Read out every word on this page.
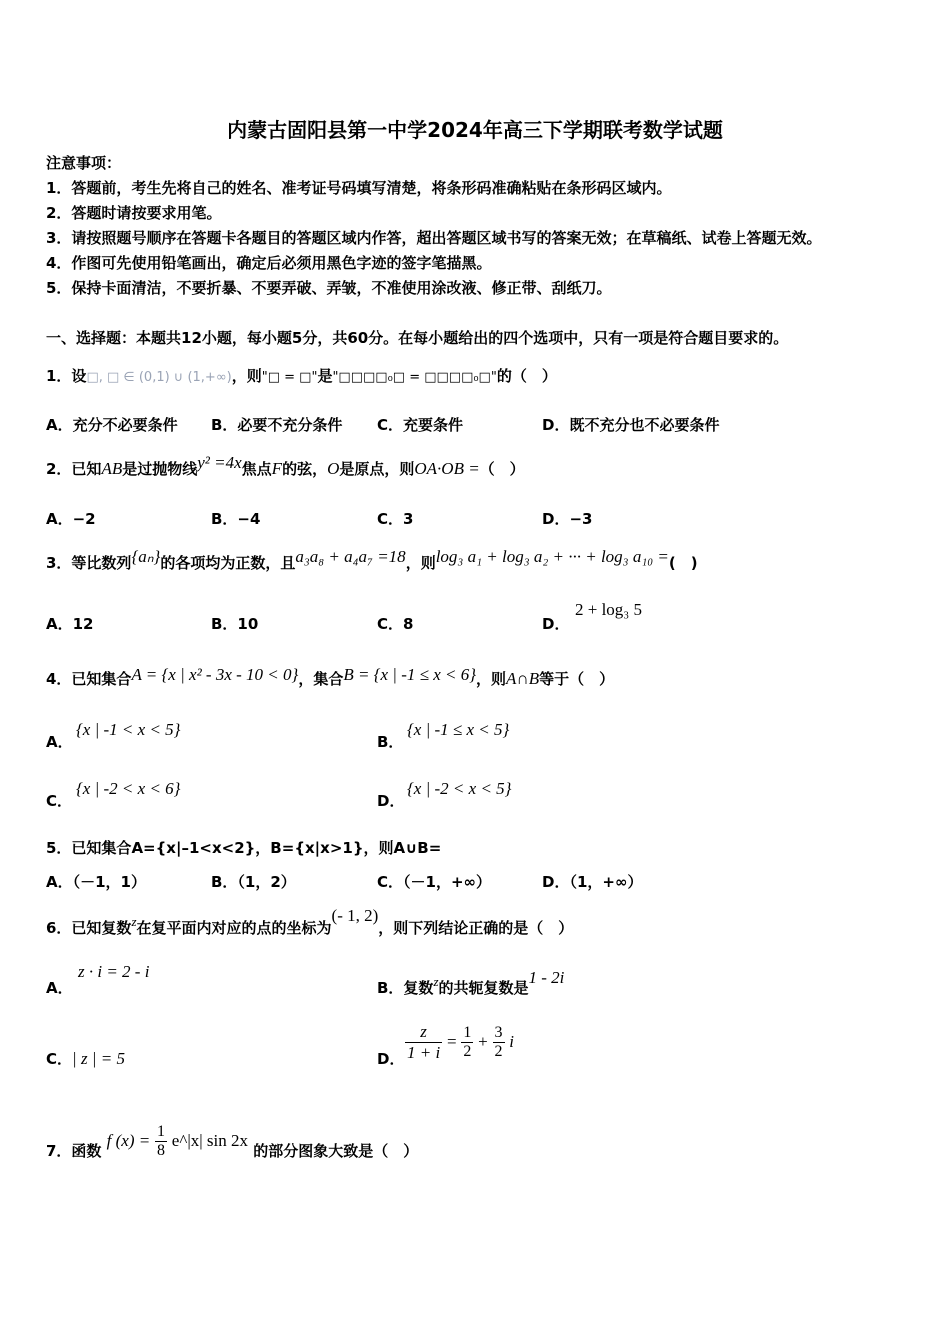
内蒙古固阳县第一中学2024年高三下学期联考数学试题
注意事项：
1．答题前，考生先将自己的姓名、准考证号码填写清楚，将条形码准确粘贴在条形码区域内。
2．答题时请按要求用笔。
3．请按照题号顺序在答题卡各题目的答题区域内作答，超出答题区域书写的答案无效；在草稿纸、试卷上答题无效。
4．作图可先使用铅笔画出，确定后必须用黑色字迹的签字笔描黑。
5．保持卡面清洁，不要折暴、不要弄破、弄皱，不准使用涂改液、修正带、刮纸刀。
一、选择题：本题共12小题，每小题5分，共60分。在每小题给出的四个选项中，只有一项是符合题目要求的。
1．设□, □ ∈ (0,1) ∪ (1,+∞)，则"□ = □"是"□□□□₀□ = □□□□₀□"的（　）
A．充分不必要条件 B．必要不充分条件 C．充要条件	D．既不充分也不必要条件
2．已知AB是过抛物线y² =4x焦点F的弦，O是原点，则OA·OB =（　）
A．−2	B．−4	C．3	D．−3
3．等比数列{aₙ}的各项均为正数，且a₃a₈ + a₄a₇ =18，则log₃ a₁ + log₃ a₂ + ··· + log₃ a₁₀ =(　)
A．12	B．10	C．8	D．
2 + log₃ 5
4．已知集合A = {x | x² - 3x - 10 < 0}，集合B = {x | -1 ≤ x < 6}，则A∩B等于（　）
A．
{x | -1 < x < 5}
B．
{x | -1 ≤ x < 5}
C．
{x | -2 < x < 6}
D．
{x | -2 < x < 5}
5．已知集合A={x|–1<x<2}，B={x|x>1}，则A∪B=
A．（－1，1）	B．（1，2）	C．（－1，+∞）	D．（1，+∞）
6．已知复数z在复平面内对应的点的坐标为(- 1, 2)，则下列结论正确的是（　）
A．
z · i = 2 - i
B．复数z的共轭复数是1 - 2i
C．| z | = 5	D． $\frac{z}{1 + i} = \frac{1}{2} + \frac{3}{2}$ i
7．函数 f $(x) = \frac{1}{8}$ e^|x| sin 2x 的部分图象大致是（　）
